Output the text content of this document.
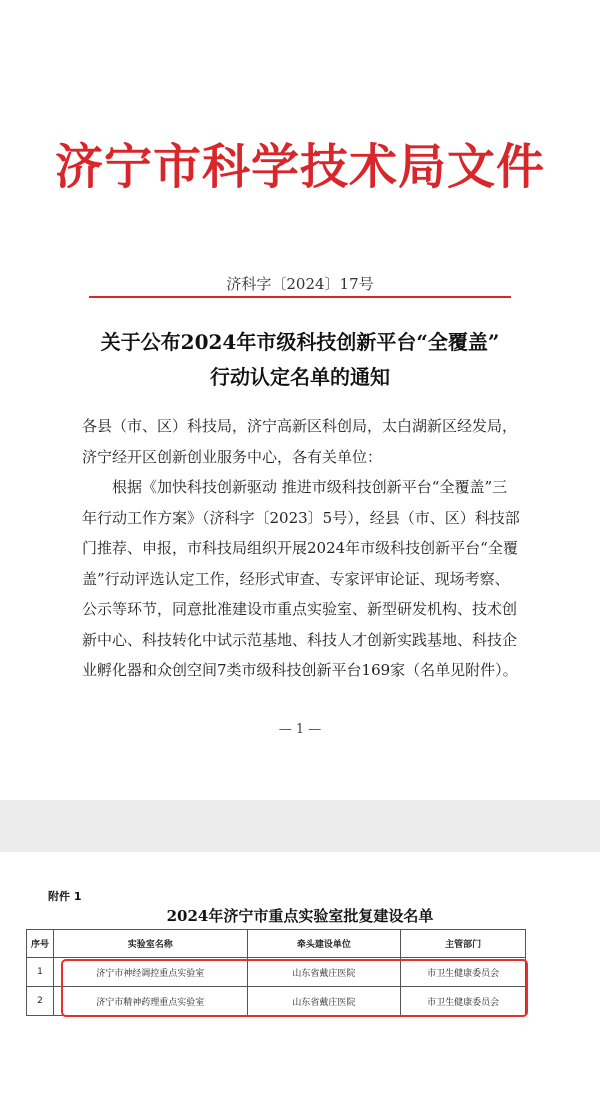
济宁市科学技术局文件
济科字〔2024〕17号
关于公布2024年市级科技创新平台“全覆盖”
行动认定名单的通知

各县（市、区）科技局，济宁高新区科创局，太白湖新区经发局，

济宁经开区创新创业服务中心，各有关单位：

根据《加快科技创新驱动 推进市级科技创新平台“全覆盖”三年行动工作方案》（济科字〔2023〕5号），经县（市、区）科技部门推荐、申报，市科技局组织开展2024年市级科技创新平台“全覆盖”行动评选认定工作，经形式审查、专家评审论证、现场考察、公示等环节，同意批准建设市重点实验室、新型研发机构、技术创新中心、科技转化中试示范基地、科技人才创新实践基地、科技企业孵化器和众创空间7类市级科技创新平台169家（名单见附件）。

— 1 —
附件 1
2024年济宁市重点实验室批复建设名单
序号	实验室名称	牵头建设单位	主管部门
1	济宁市神经调控重点实验室	山东省戴庄医院	市卫生健康委员会
2	济宁市精神药理重点实验室	山东省戴庄医院	市卫生健康委员会
